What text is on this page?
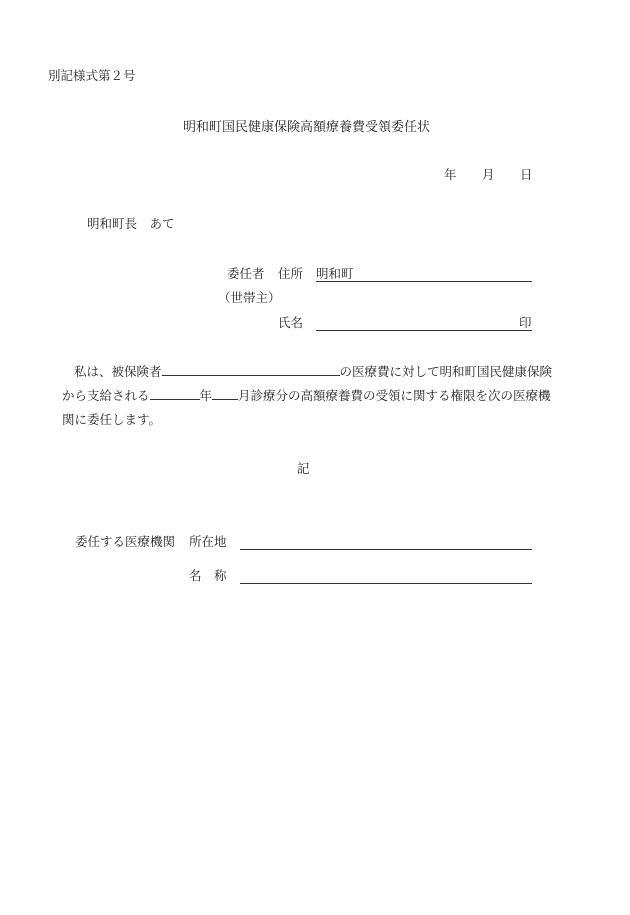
別記様式第２号
明和町国民健康保険高額療養費受領委任状
年 月 日
明和町長　あて
委任者 住所 明和町
（世帯主）
氏名	印
私は、被保険者	の医療費に対して明和町国民健康保険から支給される	年 月診療分の高額療養費の受領に関する権限を次の医療機関に委任します。
記
委任する医療機関 所在地
名　称
